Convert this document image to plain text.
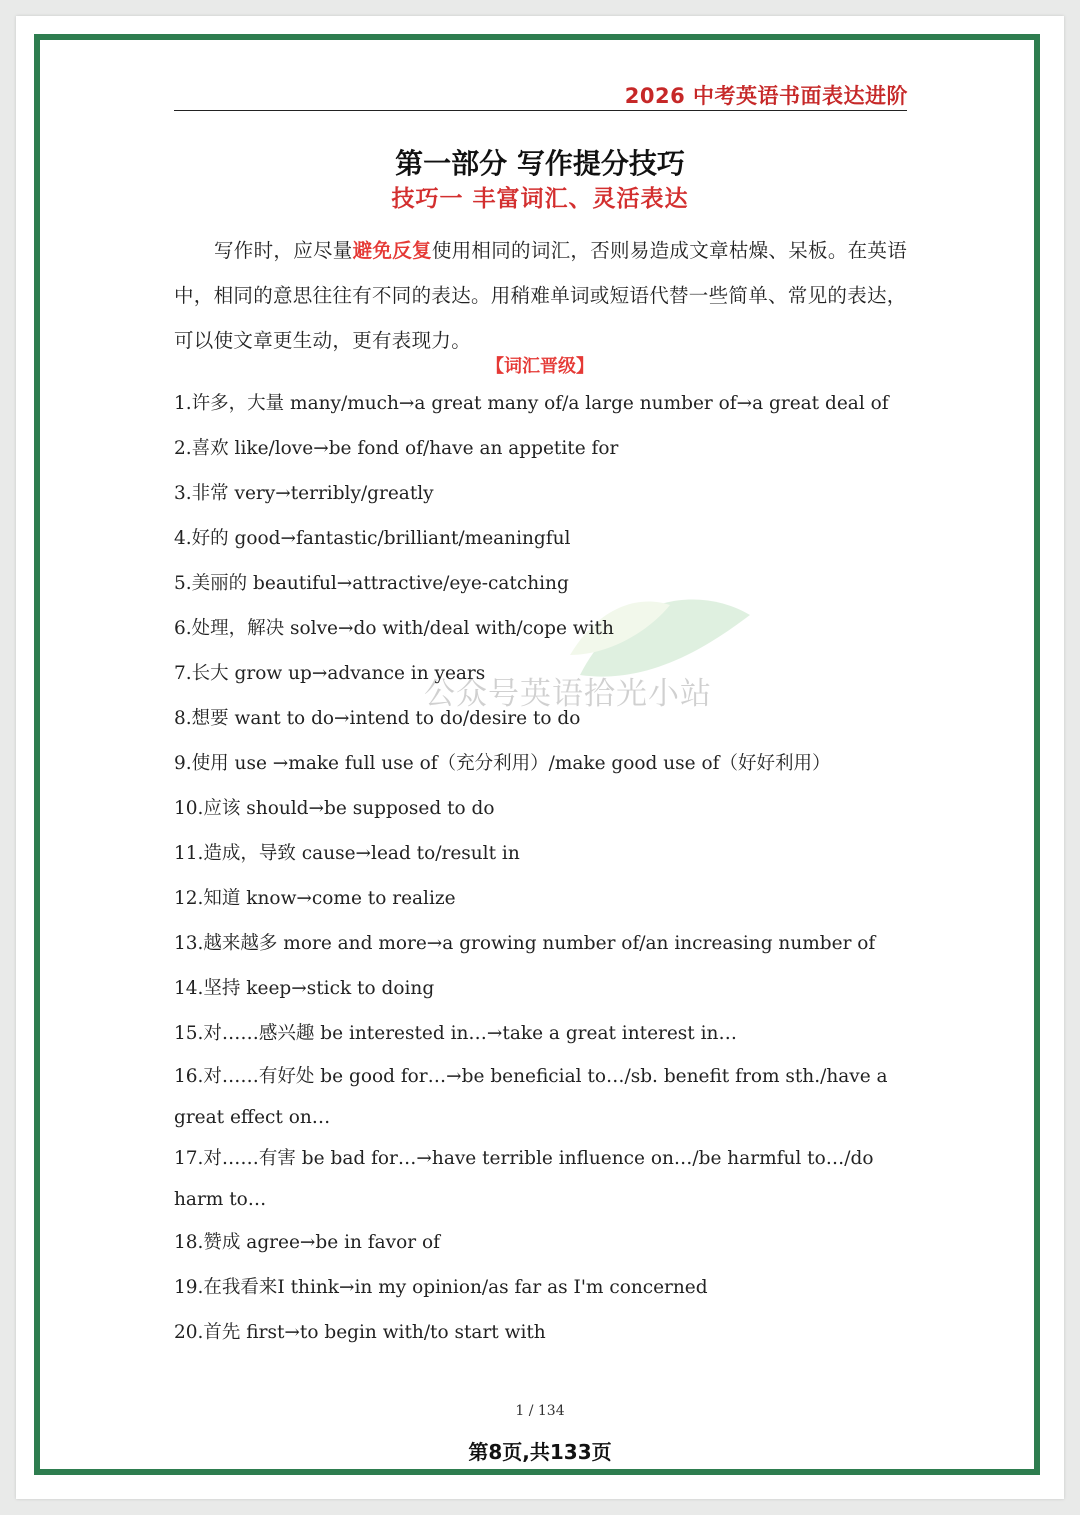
2026 中考英语书面表达进阶
第一部分 写作提分技巧
技巧一 丰富词汇、灵活表达

写作时，应尽量避免反复使用相同的词汇，否则易造成文章枯燥、呆板。在英语中，相同的意思往往有不同的表达。用稍难单词或短语代替一些简单、常见的表达，可以使文章更生动，更有表现力。

【词汇晋级】
1.许多，大量 many/much→a great many of/a large number of→a great deal of
2.喜欢 like/love→be fond of/have an appetite for
3.非常 very→terribly/greatly
4.好的 good→fantastic/brilliant/meaningful
5.美丽的 beautiful→attractive/eye-catching
6.处理，解决 solve→do with/deal with/cope with
7.长大 grow up→advance in years
8.想要 want to do→intend to do/desire to do
9.使用 use →make full use of（充分利用）/make good use of（好好利用）
10.应该 should→be supposed to do
11.造成，导致 cause→lead to/result in
12.知道 know→come to realize
13.越来越多 more and more→a growing number of/an increasing number of
14.坚持 keep→stick to doing
15.对……感兴趣 be interested in…→take a great interest in…
16.对……有好处 be good for…→be beneficial to…/sb. benefit from sth./have a great effect on…
17.对……有害 be bad for…→have terrible influence on…/be harmful to…/do harm to…
18.赞成 agree→be in favor of
19.在我看来I think→in my opinion/as far as I'm concerned
20.首先 first→to begin with/to start with
公众号英语拾光小站
1 / 134
第8页,共133页
